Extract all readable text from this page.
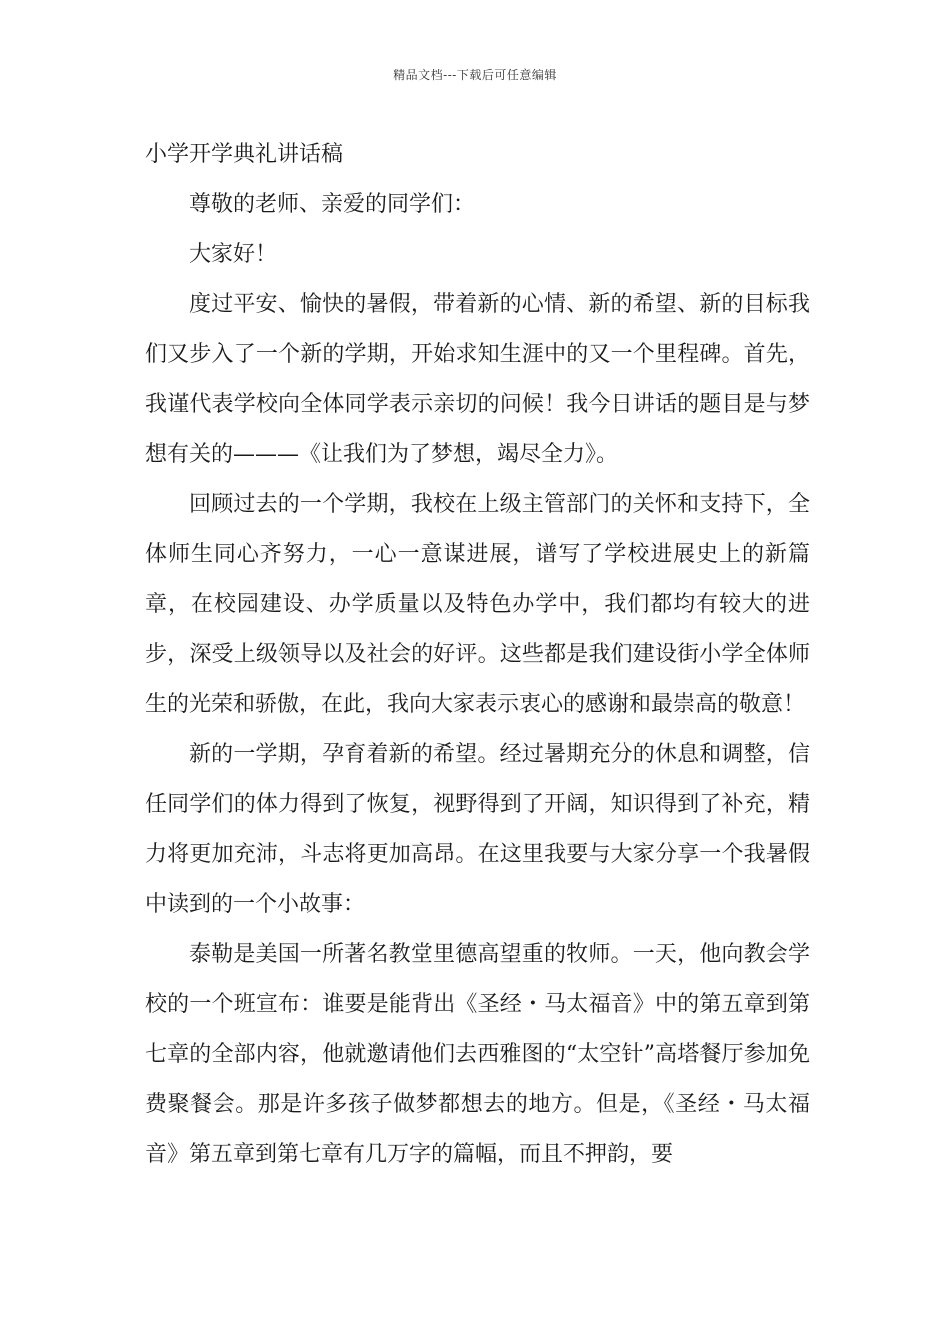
精品文档---下载后可任意编辑
小学开学典礼讲话稿

尊敬的老师、亲爱的同学们：

大家好！

度过平安、愉快的暑假，带着新的心情、新的希望、新的目标我们又步入了一个新的学期，开始求知生涯中的又一个里程碑。首先，我谨代表学校向全体同学表示亲切的问候！我今日讲话的题目是与梦想有关的———《让我们为了梦想，竭尽全力》。

回顾过去的一个学期，我校在上级主管部门的关怀和支持下，全体师生同心齐努力，一心一意谋进展，谱写了学校进展史上的新篇章，在校园建设、办学质量以及特色办学中，我们都均有较大的进步，深受上级领导以及社会的好评。这些都是我们建设街小学全体师生的光荣和骄傲，在此，我向大家表示衷心的感谢和最崇高的敬意！

新的一学期，孕育着新的希望。经过暑期充分的休息和调整，信任同学们的体力得到了恢复，视野得到了开阔，知识得到了补充，精力将更加充沛，斗志将更加高昂。在这里我要与大家分享一个我暑假中读到的一个小故事：

泰勒是美国一所著名教堂里德高望重的牧师。一天，他向教会学校的一个班宣布：谁要是能背出《圣经・马太福音》中的第五章到第七章的全部内容，他就邀请他们去西雅图的“太空针”高塔餐厅参加免费聚餐会。那是许多孩子做梦都想去的地方。但是，《圣经・马太福音》第五章到第七章有几万字的篇幅，而且不押韵，要
